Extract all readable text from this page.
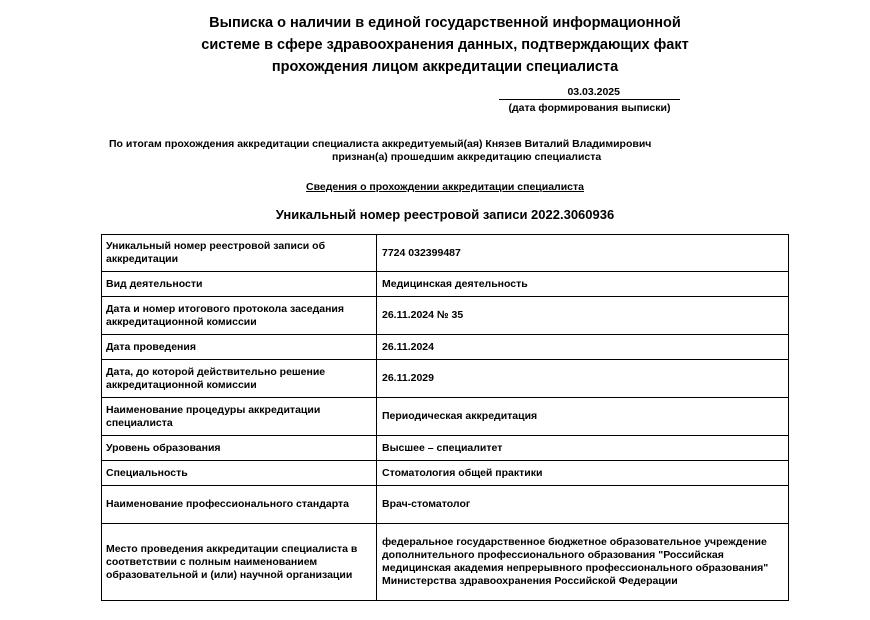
Выписка о наличии в единой государственной информационной
системе в сфере здравоохранения данных, подтверждающих факт
прохождения лицом аккредитации специалиста
03.03.2025
(дата формирования выписки)
По итогам прохождения аккредитации специалиста аккредитуемый(ая) Князев Виталий Владимирович
признан(а) прошедшим аккредитацию специалиста
Сведения о прохождении аккредитации специалиста
Уникальный номер реестровой записи 2022.3060936
Уникальный номер реестровой записи об аккредитации	7724 032399487
Вид деятельности	Медицинская деятельность
Дата и номер итогового протокола заседания аккредитационной комиссии	26.11.2024 № 35
Дата проведения	26.11.2024
Дата, до которой действительно решение аккредитационной комиссии	26.11.2029
Наименование процедуры аккредитации специалиста	Периодическая аккредитация
Уровень образования	Высшее – специалитет
Специальность	Стоматология общей практики
Наименование профессионального стандарта	Врач-стоматолог
Место проведения аккредитации специалиста в соответствии с полным наименованием образовательной и (или) научной организации	федеральное государственное бюджетное образовательное учреждение дополнительного профессионального образования "Российская медицинская академия непрерывного профессионального образования" Министерства здравоохранения Российской Федерации
